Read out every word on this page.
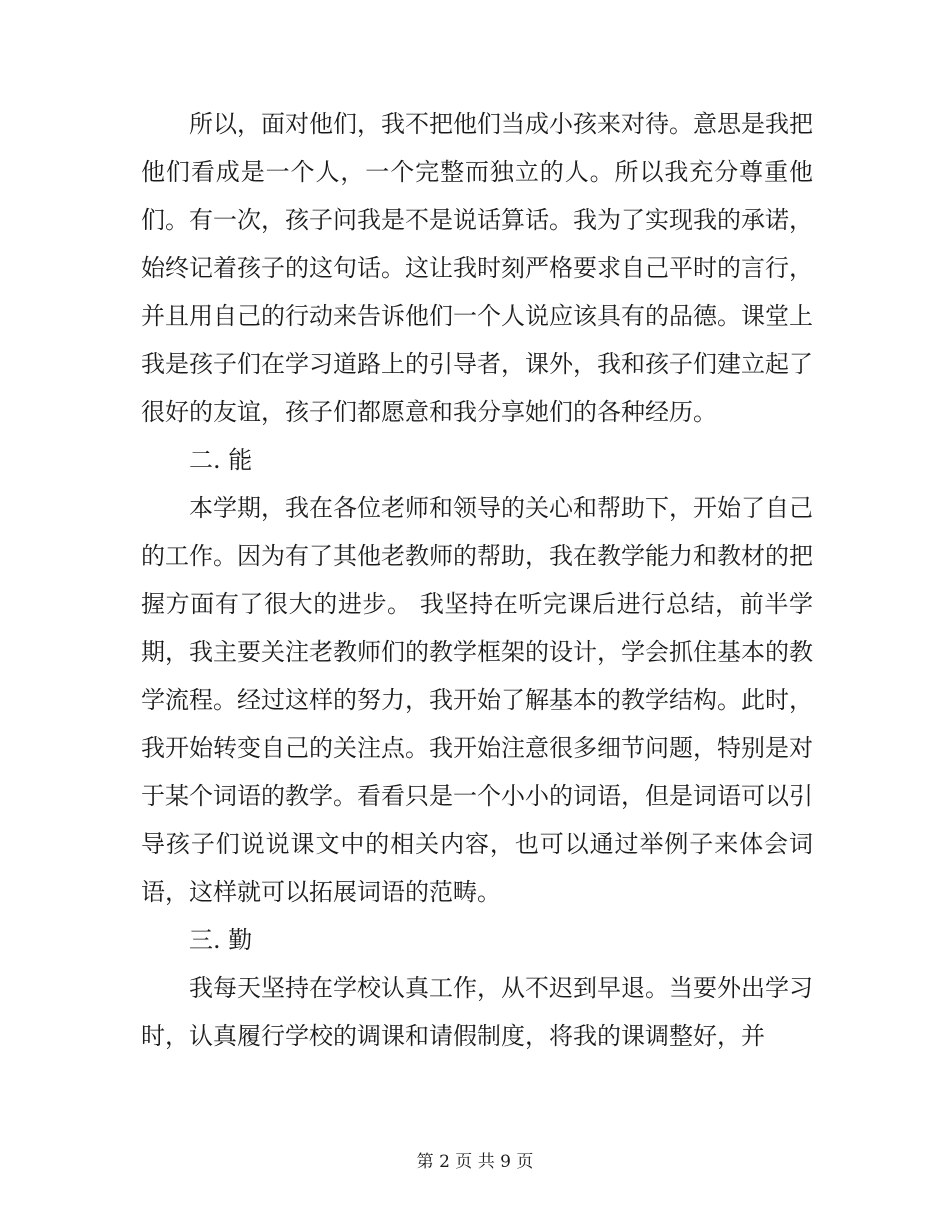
所以，面对他们，我不把他们当成小孩来对待。意思是我把他们看成是一个人，一个完整而独立的人。所以我充分尊重他们。有一次，孩子问我是不是说话算话。我为了实现我的承诺，始终记着孩子的这句话。这让我时刻严格要求自己平时的言行，并且用自己的行动来告诉他们一个人说应该具有的品德。课堂上我是孩子们在学习道路上的引导者，课外，我和孩子们建立起了很好的友谊，孩子们都愿意和我分享她们的各种经历。

二. 能

本学期，我在各位老师和领导的关心和帮助下，开始了自己的工作。因为有了其他老教师的帮助，我在教学能力和教材的把握方面有了很大的进步。 我坚持在听完课后进行总结，前半学期，我主要关注老教师们的教学框架的设计，学会抓住基本的教学流程。经过这样的努力，我开始了解基本的教学结构。此时，我开始转变自己的关注点。我开始注意很多细节问题，特别是对于某个词语的教学。看看只是一个小小的词语，但是词语可以引导孩子们说说课文中的相关内容，也可以通过举例子来体会词语，这样就可以拓展词语的范畴。

三. 勤

我每天坚持在学校认真工作，从不迟到早退。当要外出学习时，认真履行学校的调课和请假制度，将我的课调整好，并

第 2 页 共 9 页
